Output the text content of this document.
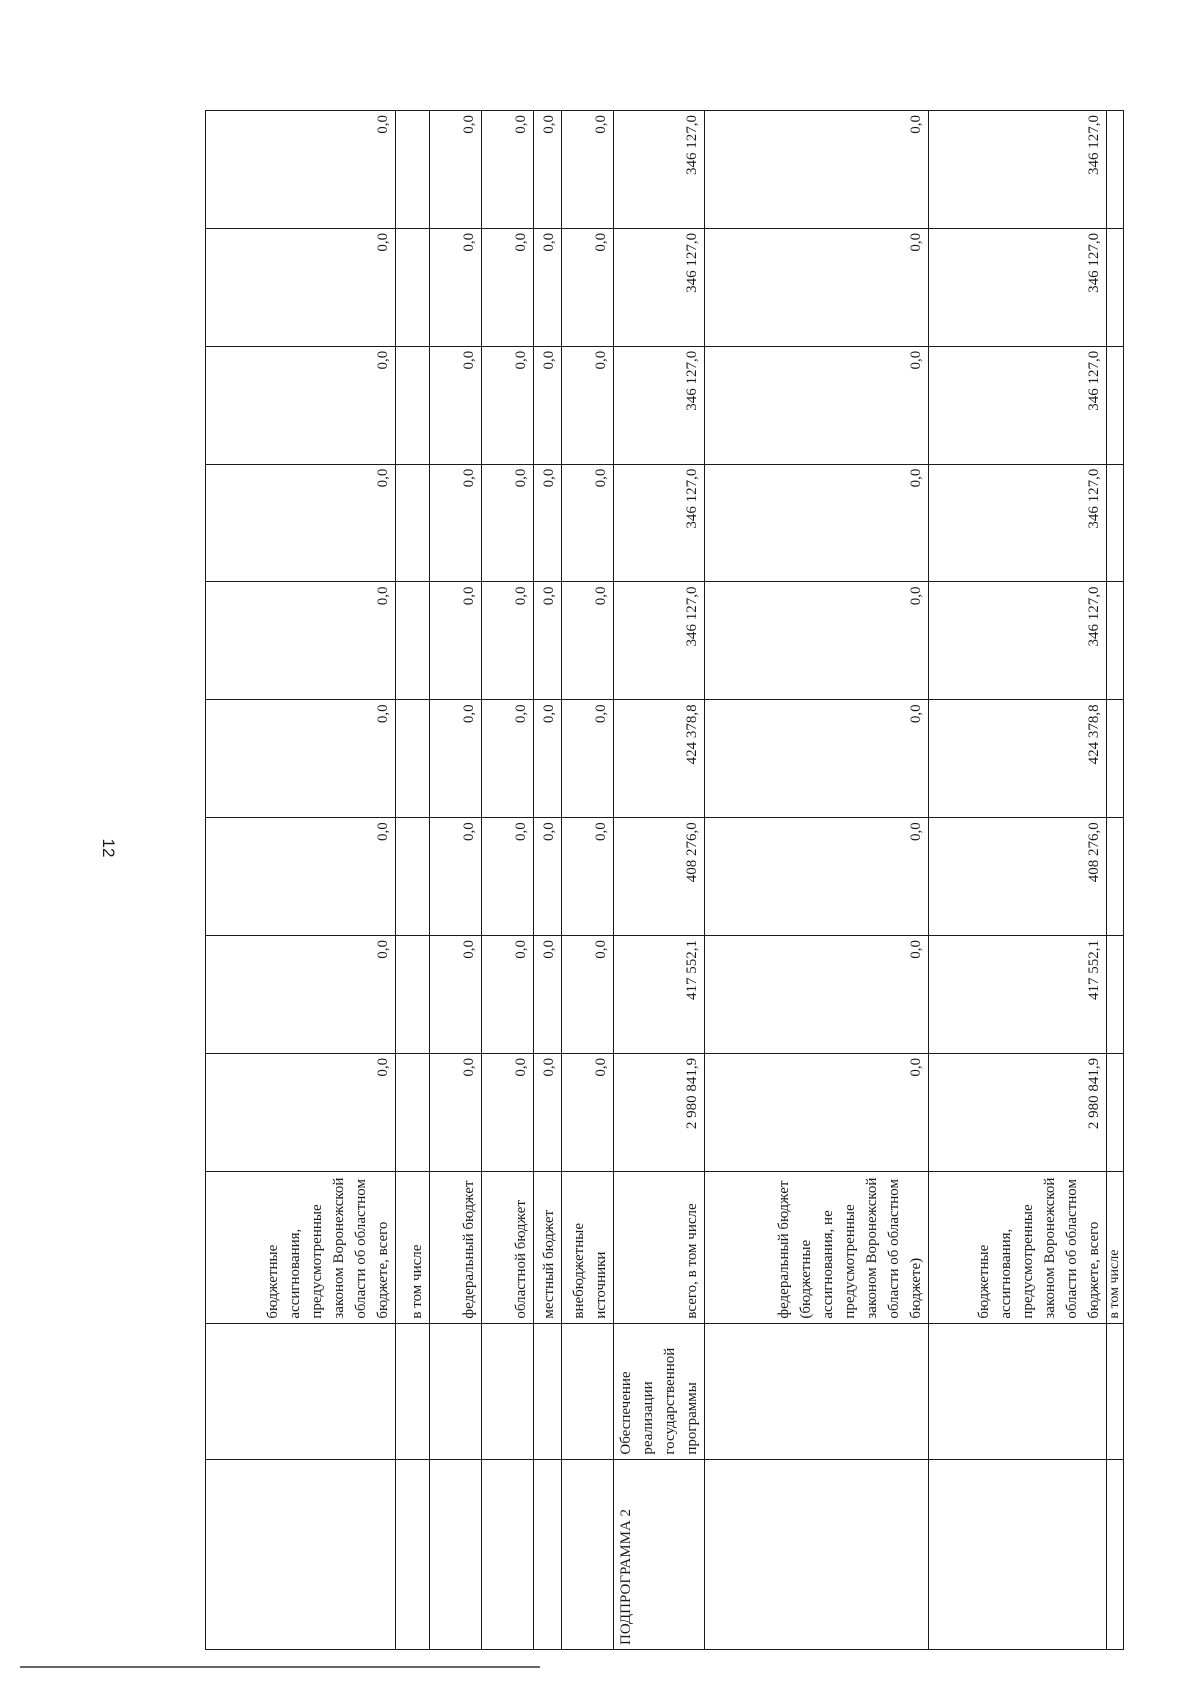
12
		бюджетные ассигнования, предусмотренные законом Воронежской области об областном бюджете, всего	0,0	0,0	0,0	0,0	0,0	0,0	0,0	0,0	0,0
		в том числе									
		федеральный бюджет	0,0	0,0	0,0	0,0	0,0	0,0	0,0	0,0	0,0
		областной бюджет	0,0	0,0	0,0	0,0	0,0	0,0	0,0	0,0	0,0
		местный бюджет	0,0	0,0	0,0	0,0	0,0	0,0	0,0	0,0	0,0
		внебюджетные источники	0,0	0,0	0,0	0,0	0,0	0,0	0,0	0,0	0,0
ПОДПРОГРАММА 2	Обеспечение реализации государственной программы	всего, в том числе	2 980 841,9	417 552,1	408 276,0	424 378,8	346 127,0	346 127,0	346 127,0	346 127,0	346 127,0
		федеральный бюджет (бюджетные ассигнования, не предусмотренные законом Воронежской области об областном бюджете)	0,0	0,0	0,0	0,0	0,0	0,0	0,0	0,0	0,0
		бюджетные ассигнования, предусмотренные законом Воронежской области об областном бюджете, всего	2 980 841,9	417 552,1	408 276,0	424 378,8	346 127,0	346 127,0	346 127,0	346 127,0	346 127,0
		в том числе									
